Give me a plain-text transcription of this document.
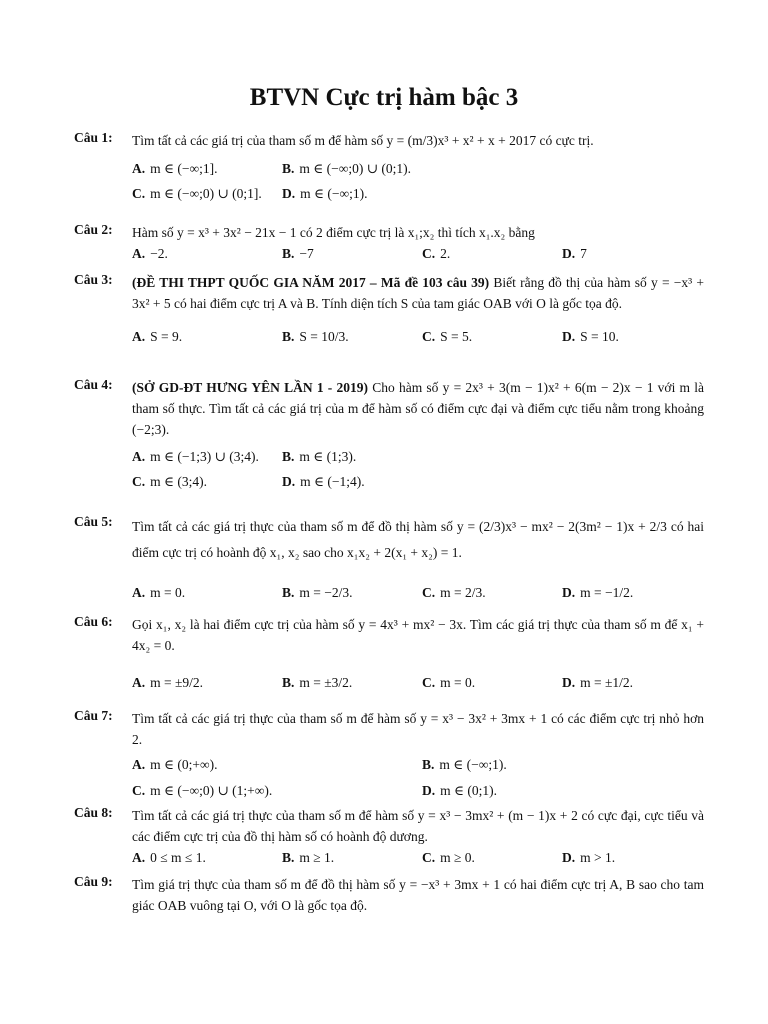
BTVN Cực trị hàm bậc 3
Câu 1:	Tìm tất cả các giá trị của tham số m để hàm số y = (m/3)x³ + x² + x + 2017 có cực trị.
A. m ∈ (−∞;1].	B. m ∈ (−∞;0) ∪ (0;1).
C. m ∈ (−∞;0) ∪ (0;1].	D. m ∈ (−∞;1).
Câu 2:	Hàm số y = x³ + 3x² − 21x − 1 có 2 điểm cực trị là x₁;x₂ thì tích x₁.x₂ bằng
A. −2.	B. −7	C. 2.	D. 7
Câu 3:	(ĐỀ THI THPT QUỐC GIA NĂM 2017 – Mã đề 103 câu 39) Biết rằng đồ thị của hàm số y = −x³ + 3x² + 5 có hai điểm cực trị A và B. Tính diện tích S của tam giác OAB với O là gốc tọa độ.
A. S = 9.	B. S = 10/3.	C. S = 5.	D. S = 10.
Câu 4:	(SỞ GD-ĐT HƯNG YÊN LẦN 1 - 2019) Cho hàm số y = 2x³ + 3(m − 1)x² + 6(m − 2)x − 1 với m là tham số thực. Tìm tất cả các giá trị của m để hàm số có điểm cực đại và điểm cực tiểu nằm trong khoảng (−2;3).
A. m ∈ (−1;3) ∪ (3;4).	B. m ∈ (1;3).
C. m ∈ (3;4).	D. m ∈ (−1;4).
Câu 5:	Tìm tất cả các giá trị thực của tham số m để đồ thị hàm số y = (2/3)x³ − mx² − 2(3m² − 1)x + 2/3 có hai điểm cực trị có hoành độ x₁, x₂ sao cho x₁x₂ + 2(x₁ + x₂) = 1.
A. m = 0.	B. m = −2/3.	C. m = 2/3.	D. m = −1/2.
Câu 6:	Gọi x₁, x₂ là hai điểm cực trị của hàm số y = 4x³ + mx² − 3x. Tìm các giá trị thực của tham số m để x₁ + 4x₂ = 0.
A. m = ±9/2.	B. m = ±3/2.	C. m = 0.	D. m = ±1/2.
Câu 7:	Tìm tất cả các giá trị thực của tham số m để hàm số y = x³ − 3x² + 3mx + 1 có các điểm cực trị nhỏ hơn 2.
A. m ∈ (0;+∞).	B. m ∈ (−∞;1).
C. m ∈ (−∞;0) ∪ (1;+∞).	D. m ∈ (0;1).
Câu 8:	Tìm tất cả các giá trị thực của tham số m để hàm số y = x³ − 3mx² + (m − 1)x + 2 có cực đại, cực tiểu và các điểm cực trị của đồ thị hàm số có hoành độ dương.
A. 0 ≤ m ≤ 1.	B. m ≥ 1.	C. m ≥ 0.	D. m > 1.
Câu 9:	Tìm giá trị thực của tham số m để đồ thị hàm số y = −x³ + 3mx + 1 có hai điểm cực trị A, B sao cho tam giác OAB vuông tại O, với O là gốc tọa độ.
